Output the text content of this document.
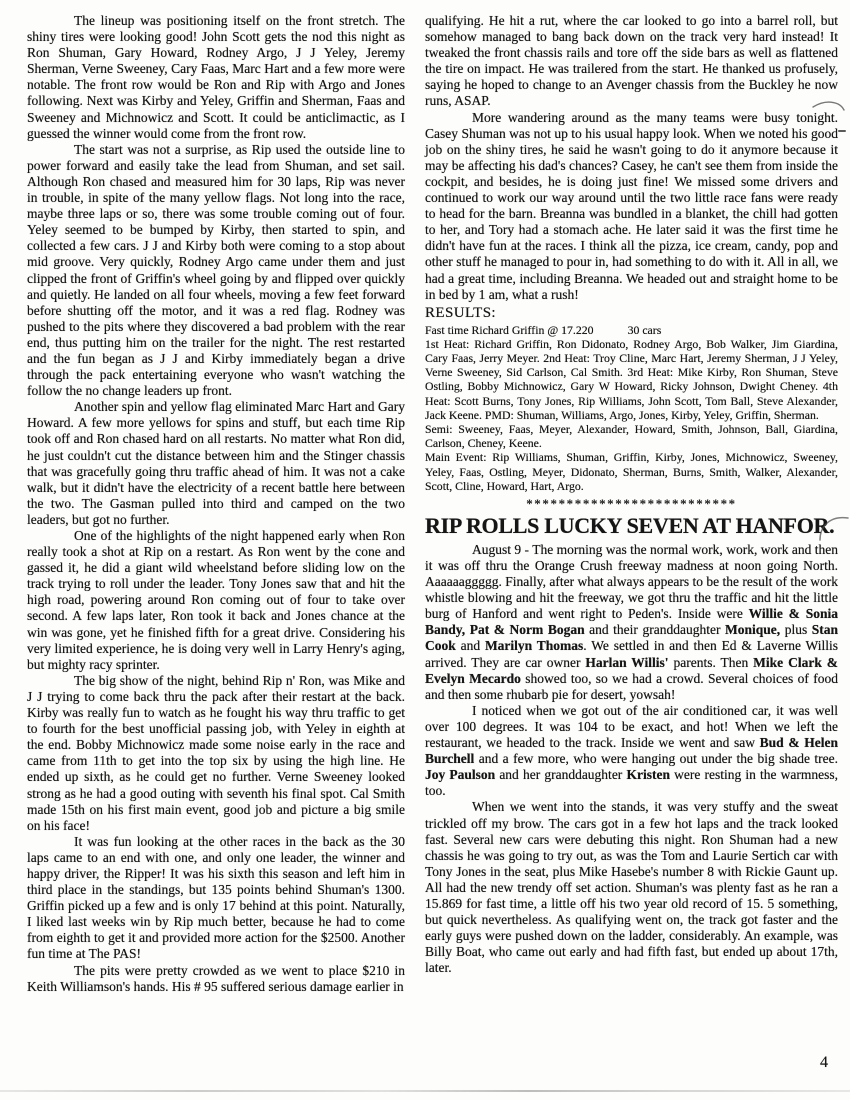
The lineup was positioning itself on the front stretch. The shiny tires were looking good! John Scott gets the nod this night as Ron Shuman, Gary Howard, Rodney Argo, J J Yeley, Jeremy Sherman, Verne Sweeney, Cary Faas, Marc Hart and a few more were notable. The front row would be Ron and Rip with Argo and Jones following. Next was Kirby and Yeley, Griffin and Sherman, Faas and Sweeney and Michnowicz and Scott. It could be anticlimactic, as I guessed the winner would come from the front row.

The start was not a surprise, as Rip used the outside line to power forward and easily take the lead from Shuman, and set sail. Although Ron chased and measured him for 30 laps, Rip was never in trouble, in spite of the many yellow flags. Not long into the race, maybe three laps or so, there was some trouble coming out of four. Yeley seemed to be bumped by Kirby, then started to spin, and collected a few cars. J J and Kirby both were coming to a stop about mid groove. Very quickly, Rodney Argo came under them and just clipped the front of Griffin's wheel going by and flipped over quickly and quietly. He landed on all four wheels, moving a few feet forward before shutting off the motor, and it was a red flag. Rodney was pushed to the pits where they discovered a bad problem with the rear end, thus putting him on the trailer for the night. The rest restarted and the fun began as J J and Kirby immediately began a drive through the pack entertaining everyone who wasn't watching the follow the no change leaders up front.

Another spin and yellow flag eliminated Marc Hart and Gary Howard. A few more yellows for spins and stuff, but each time Rip took off and Ron chased hard on all restarts. No matter what Ron did, he just couldn't cut the distance between him and the Stinger chassis that was gracefully going thru traffic ahead of him. It was not a cake walk, but it didn't have the electricity of a recent battle here between the two. The Gasman pulled into third and camped on the two leaders, but got no further.

One of the highlights of the night happened early when Ron really took a shot at Rip on a restart. As Ron went by the cone and gassed it, he did a giant wild wheelstand before sliding low on the track trying to roll under the leader. Tony Jones saw that and hit the high road, powering around Ron coming out of four to take over second. A few laps later, Ron took it back and Jones chance at the win was gone, yet he finished fifth for a great drive. Considering his very limited experience, he is doing very well in Larry Henry's aging, but mighty racy sprinter.

The big show of the night, behind Rip n' Ron, was Mike and J J trying to come back thru the pack after their restart at the back. Kirby was really fun to watch as he fought his way thru traffic to get to fourth for the best unofficial passing job, with Yeley in eighth at the end. Bobby Michnowicz made some noise early in the race and came from 11th to get into the top six by using the high line. He ended up sixth, as he could get no further. Verne Sweeney looked strong as he had a good outing with seventh his final spot. Cal Smith made 15th on his first main event, good job and picture a big smile on his face!

It was fun looking at the other races in the back as the 30 laps came to an end with one, and only one leader, the winner and happy driver, the Ripper! It was his sixth this season and left him in third place in the standings, but 135 points behind Shuman's 1300. Griffin picked up a few and is only 17 behind at this point. Naturally, I liked last weeks win by Rip much better, because he had to come from eighth to get it and provided more action for the $2500. Another fun time at The PAS!

The pits were pretty crowded as we went to place $210 in Keith Williamson's hands. His # 95 suffered serious damage earlier in

qualifying. He hit a rut, where the car looked to go into a barrel roll, but somehow managed to bang back down on the track very hard instead! It tweaked the front chassis rails and tore off the side bars as well as flattened the tire on impact. He was trailered from the start. He thanked us profusely, saying he hoped to change to an Avenger chassis from the Buckley he now runs, ASAP.

More wandering around as the many teams were busy tonight. Casey Shuman was not up to his usual happy look. When we noted his good job on the shiny tires, he said he wasn't going to do it anymore because it may be affecting his dad's chances? Casey, he can't see them from inside the cockpit, and besides, he is doing just fine! We missed some drivers and continued to work our way around until the two little race fans were ready to head for the barn. Breanna was bundled in a blanket, the chill had gotten to her, and Tory had a stomach ache. He later said it was the first time he didn't have fun at the races. I think all the pizza, ice cream, candy, pop and other stuff he managed to pour in, had something to do with it. All in all, we had a great time, including Breanna. We headed out and straight home to be in bed by 1 am, what a rush!

RESULTS:
Fast time Richard Griffin @ 17.220	30 cars

1st Heat: Richard Griffin, Ron Didonato, Rodney Argo, Bob Walker, Jim Giardina, Cary Faas, Jerry Meyer. 2nd Heat: Troy Cline, Marc Hart, Jeremy Sherman, J J Yeley, Verne Sweeney, Sid Carlson, Cal Smith. 3rd Heat: Mike Kirby, Ron Shuman, Steve Ostling, Bobby Michnowicz, Gary W Howard, Ricky Johnson, Dwight Cheney. 4th Heat: Scott Burns, Tony Jones, Rip Williams, John Scott, Tom Ball, Steve Alexander, Jack Keene. PMD: Shuman, Williams, Argo, Jones, Kirby, Yeley, Griffin, Sherman.

Semi: Sweeney, Faas, Meyer, Alexander, Howard, Smith, Johnson, Ball, Giardina, Carlson, Cheney, Keene.

Main Event: Rip Williams, Shuman, Griffin, Kirby, Jones, Michnowicz, Sweeney, Yeley, Faas, Ostling, Meyer, Didonato, Sherman, Burns, Smith, Walker, Alexander, Scott, Cline, Howard, Hart, Argo.

**************************
RIP ROLLS LUCKY SEVEN AT HANFOR.

August 9 - The morning was the normal work, work, work and then it was off thru the Orange Crush freeway madness at noon going North. Aaaaaaggggg. Finally, after what always appears to be the result of the work whistle blowing and hit the freeway, we got thru the traffic and hit the little burg of Hanford and went right to Peden's. Inside were Willie & Sonia Bandy, Pat & Norm Bogan and their granddaughter Monique, plus Stan Cook and Marilyn Thomas. We settled in and then Ed & Laverne Willis arrived. They are car owner Harlan Willis' parents. Then Mike Clark & Evelyn Mecardo showed too, so we had a crowd. Several choices of food and then some rhubarb pie for desert, yowsah!

I noticed when we got out of the air conditioned car, it was well over 100 degrees. It was 104 to be exact, and hot! When we left the restaurant, we headed to the track. Inside we went and saw Bud & Helen Burchell and a few more, who were hanging out under the big shade tree. Joy Paulson and her granddaughter Kristen were resting in the warmness, too.

When we went into the stands, it was very stuffy and the sweat trickled off my brow. The cars got in a few hot laps and the track looked fast. Several new cars were debuting this night. Ron Shuman had a new chassis he was going to try out, as was the Tom and Laurie Sertich car with Tony Jones in the seat, plus Mike Hasebe's number 8 with Rickie Gaunt up. All had the new trendy off set action. Shuman's was plenty fast as he ran a 15.869 for fast time, a little off his two year old record of 15. 5 something, but quick nevertheless. As qualifying went on, the track got faster and the early guys were pushed down on the ladder, considerably. An example, was Billy Boat, who came out early and had fifth fast, but ended up about 17th, later.

4
